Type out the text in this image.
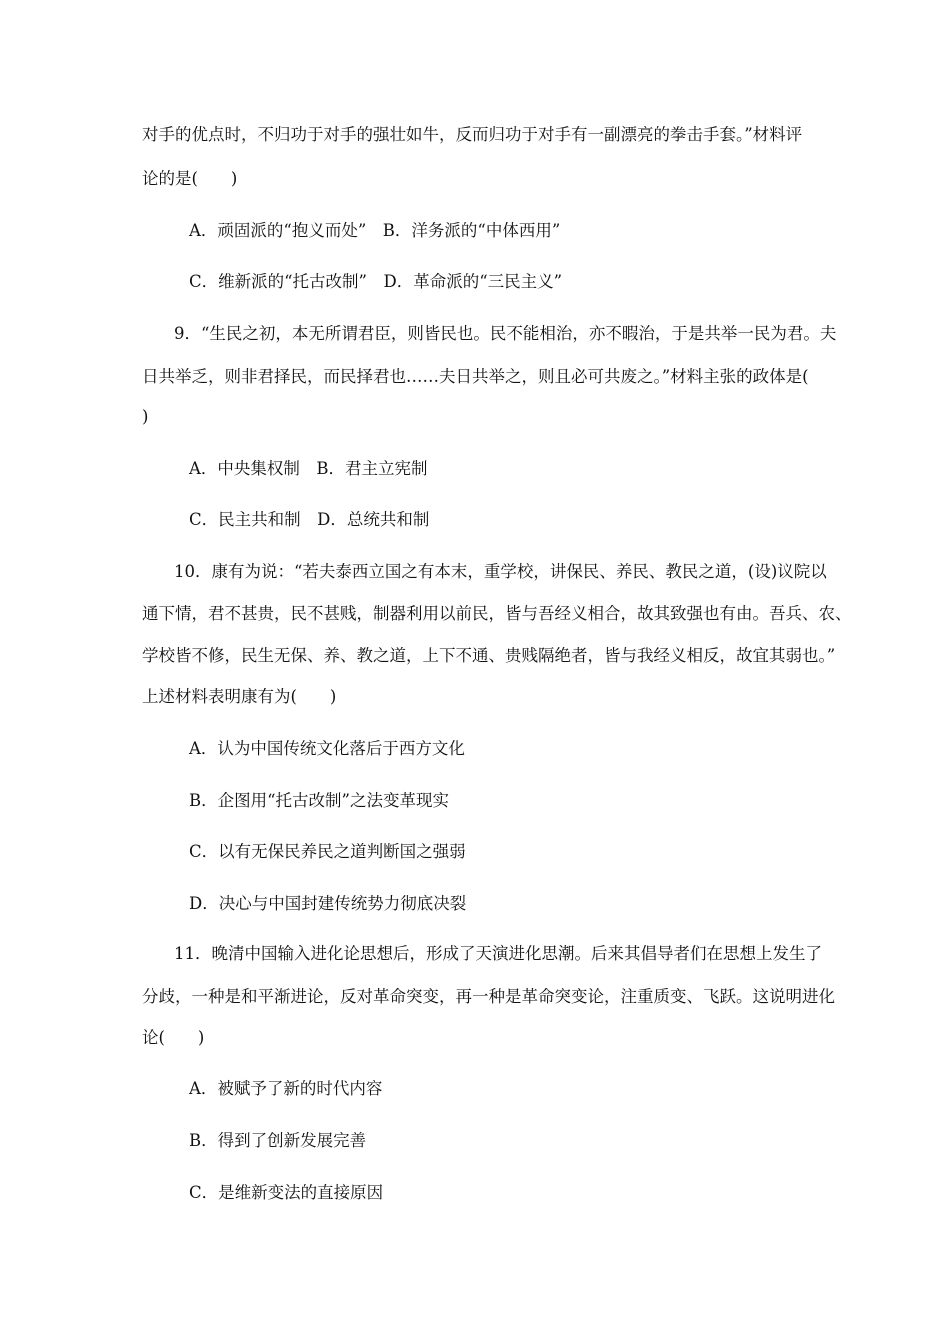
对手的优点时，不归功于对手的强壮如牛，反而归功于对手有一副漂亮的拳击手套。”材料评
论的是(　　)
A．顽固派的“抱义而处”　B．洋务派的“中体西用”
C．维新派的“托古改制”　D．革命派的“三民主义”
9．“生民之初，本无所谓君臣，则皆民也。民不能相治，亦不暇治，于是共举一民为君。夫
日共举乏，则非君择民，而民择君也……夫日共举之，则且必可共废之。”材料主张的政体是(
)
A．中央集权制　B．君主立宪制
C．民主共和制　D．总统共和制
10．康有为说：“若夫泰西立国之有本末，重学校，讲保民、养民、教民之道，(设)议院以
通下情，君不甚贵，民不甚贱，制器利用以前民，皆与吾经义相合，故其致强也有由。吾兵、农、
学校皆不修，民生无保、养、教之道，上下不通、贵贱隔绝者，皆与我经义相反，故宜其弱也。”
上述材料表明康有为(　　)
A．认为中国传统文化落后于西方文化
B．企图用“托古改制”之法变革现实
C．以有无保民养民之道判断国之强弱
D．决心与中国封建传统势力彻底决裂
11．晚清中国输入进化论思想后，形成了天演进化思潮。后来其倡导者们在思想上发生了
分歧，一种是和平渐进论，反对革命突变，再一种是革命突变论，注重质变、飞跃。这说明进化
论(　　)
A．被赋予了新的时代内容
B．得到了创新发展完善
C．是维新变法的直接原因
